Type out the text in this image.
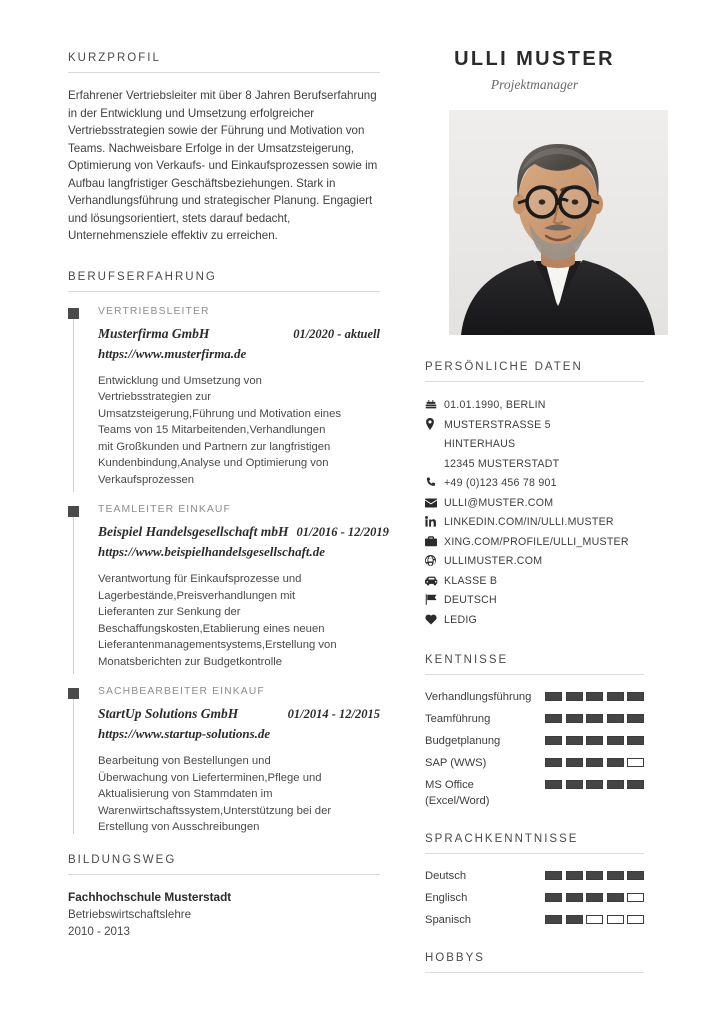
KURZPROFIL
Erfahrener Vertriebsleiter mit über 8 Jahren Berufserfahrung in der Entwicklung und Umsetzung erfolgreicher Vertriebsstrategien sowie der Führung und Motivation von Teams. Nachweisbare Erfolge in der Umsatzsteigerung, Optimierung von Verkaufs- und Einkaufsprozessen sowie im Aufbau langfristiger Geschäftsbeziehungen. Stark in Verhandlungsführung und strategischer Planung. Engagiert und lösungsorientiert, stets darauf bedacht, Unternehmensziele effektiv zu erreichen.
BERUFSERFAHRUNG
VERTRIEBSLEITER
Musterfirma GmbH	01/2020 - aktuell
https://www.musterfirma.de
Entwicklung und Umsetzung von Vertriebsstrategien zur Umsatzsteigerung,Führung und Motivation eines Teams von 15 Mitarbeitenden,Verhandlungen mit Großkunden und Partnern zur langfristigen Kundenbindung,Analyse und Optimierung von Verkaufsprozessen
TEAMLEITER EINKAUF
Beispiel Handelsgesellschaft mbH 01/2016 - 12/2019
https://www.beispielhandelsgesellschaft.de
Verantwortung für Einkaufsprozesse und Lagerbestände,Preisverhandlungen mit Lieferanten zur Senkung der Beschaffungskosten,Etablierung eines neuen Lieferantenmanagementsystems,Erstellung von Monatsberichten zur Budgetkontrolle
SACHBEARBEITER EINKAUF
StartUp Solutions GmbH	01/2014 - 12/2015
https://www.startup-solutions.de
Bearbeitung von Bestellungen und Überwachung von Lieferterminen,Pflege und Aktualisierung von Stammdaten im Warenwirtschaftssystem,Unterstützung bei der Erstellung von Ausschreibungen
BILDUNGSWEG
Fachhochschule Musterstadt
Betriebswirtschaftslehre
2010 - 2013
ULLI MUSTER
Projektmanager
PERSÖNLICHE DATEN
01.01.1990, BERLIN
MUSTERSTRASSE 5
HINTERHAUS
12345 MUSTERSTADT
+49 (0)123 456 78 901
ULLI@MUSTER.COM
LINKEDIN.COM/IN/ULLI.MUSTER
XING.COM/PROFILE/ULLI_MUSTER
ULLIMUSTER.COM
KLASSE B
DEUTSCH
LEDIG
KENTNISSE
Verhandlungsführung
Teamführung
Budgetplanung
SAP (WWS)
MS Office (Excel/Word)
SPRACHKENNTNISSE
Deutsch
Englisch
Spanisch
HOBBYS
